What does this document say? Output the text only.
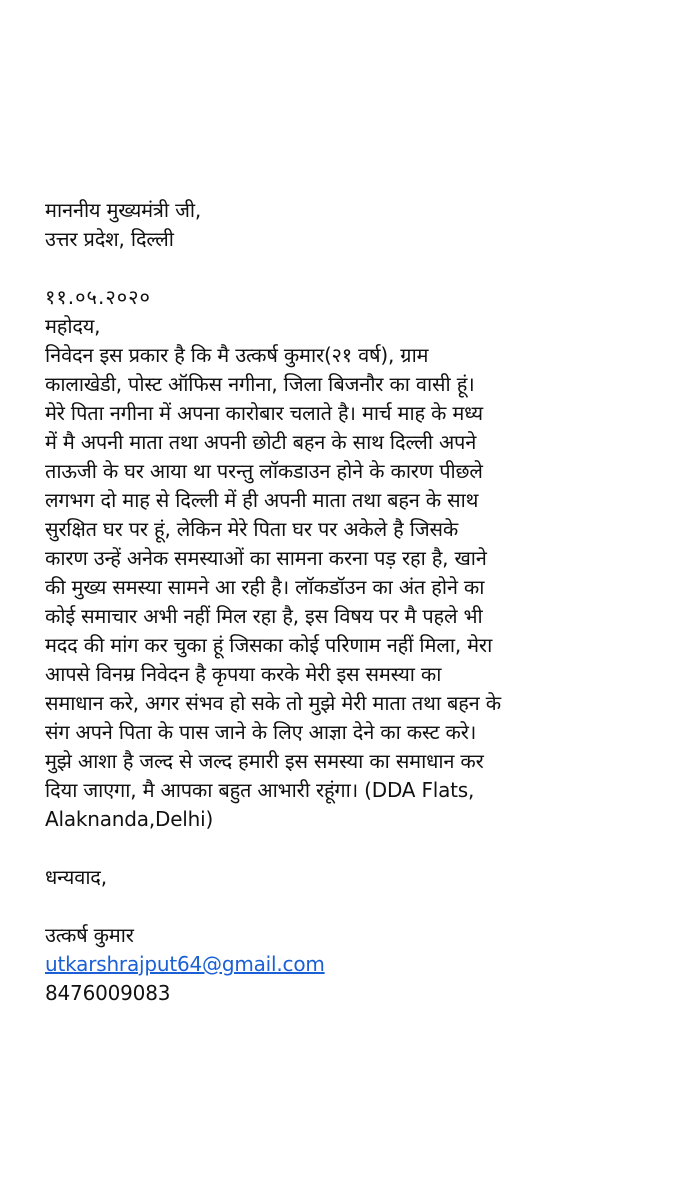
माननीय मुख्यमंत्री जी,
उत्तर प्रदेश, दिल्ली
११.०५.२०२०
महोदय,
निवेदन इस प्रकार है कि मै उत्कर्ष कुमार(२१ वर्ष), ग्राम
कालाखेडी, पोस्ट ऑफिस नगीना, जिला बिजनौर का वासी हूं।
मेरे पिता नगीना में अपना कारोबार चलाते है। मार्च माह के मध्य
में मै अपनी माता तथा अपनी छोटी बहन के साथ दिल्ली अपने
ताऊजी के घर आया था परन्तु लॉकडाउन होने के कारण पीछले
लगभग दो माह से दिल्ली में ही अपनी माता तथा बहन के साथ
सुरक्षित घर पर हूं, लेकिन मेरे पिता घर पर अकेले है जिसके
कारण उन्हें अनेक समस्याओं का सामना करना पड़ रहा है, खाने
की मुख्य समस्या सामने आ रही है। लॉकडॉउन का अंत होने का
कोई समाचार अभी नहीं मिल रहा है, इस विषय पर मै पहले भी
मदद की मांग कर चुका हूं जिसका कोई परिणाम नहीं मिला, मेरा
आपसे विनम्र निवेदन है कृपया करके मेरी इस समस्या का
समाधान करे, अगर संभव हो सके तो मुझे मेरी माता तथा बहन के
संग अपने पिता के पास जाने के लिए आज्ञा देने का कस्ट करे।
मुझे आशा है जल्द से जल्द हमारी इस समस्या का समाधान कर
दिया जाएगा, मै आपका बहुत आभारी रहूंगा। (DDA Flats,
Alaknanda,Delhi)
धन्यवाद,
उत्कर्ष कुमार
utkarshrajput64@gmail.com
8476009083
